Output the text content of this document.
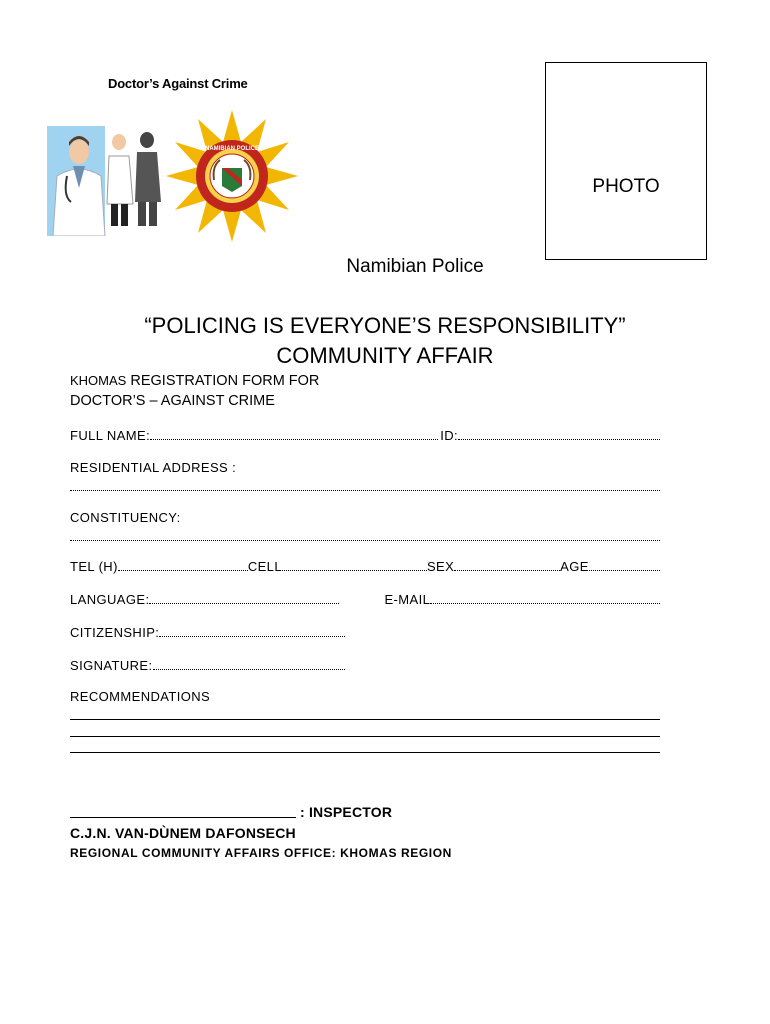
Doctor’s Against Crime
NAMIBIAN POLICE
PHOTO
Namibian Police
“POLICING IS EVERYONE’S RESPONSIBILITY”
COMMUNITY AFFAIR
KHOMAS REGISTRATION FORM FOR
DOCTOR’S – AGAINST CRIME
FULL NAME:	ID:
RESIDENTIAL ADDRESS :
CONSTITUENCY:
TEL (H)	CELL	SEX	AGE
LANGUAGE:	E-MAIL
CITIZENSHIP:
SIGNATURE:
RECOMMENDATIONS
: INSPECTOR
C.J.N. VAN-DÙNEM DAFONSECH
REGIONAL COMMUNITY AFFAIRS OFFICE: KHOMAS REGION
